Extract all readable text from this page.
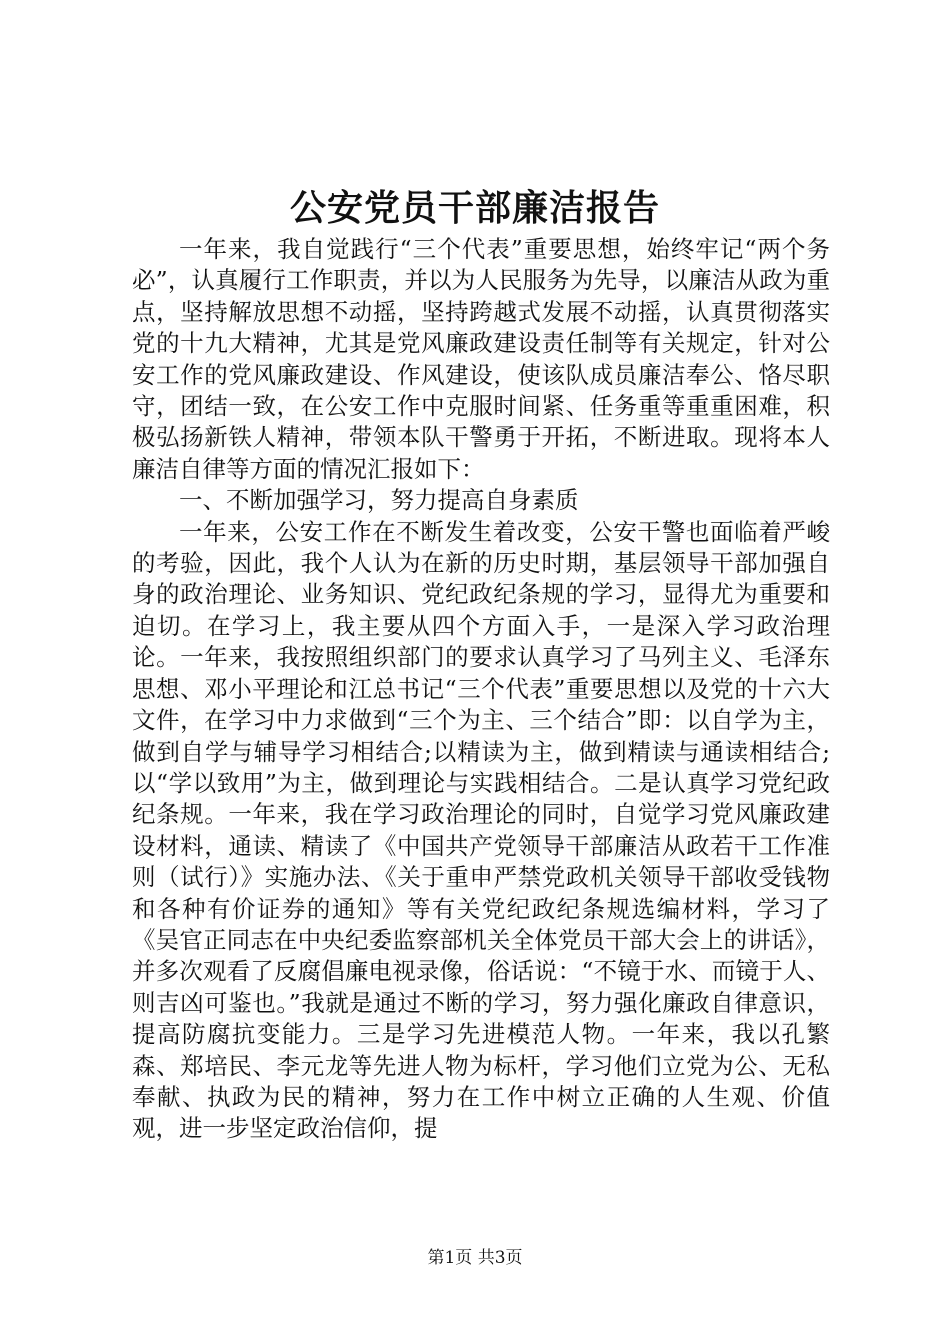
公安党员干部廉洁报告

一年来，我自觉践行“三个代表”重要思想，始终牢记“两个务必”，认真履行工作职责，并以为人民服务为先导，以廉洁从政为重点，坚持解放思想不动摇，坚持跨越式发展不动摇，认真贯彻落实党的十九大精神，尤其是党风廉政建设责任制等有关规定，针对公安工作的党风廉政建设、作风建设，使该队成员廉洁奉公、恪尽职守，团结一致，在公安工作中克服时间紧、任务重等重重困难，积极弘扬新铁人精神，带领本队干警勇于开拓，不断进取。现将本人廉洁自律等方面的情况汇报如下：

一、不断加强学习，努力提高自身素质

一年来，公安工作在不断发生着改变，公安干警也面临着严峻的考验，因此，我个人认为在新的历史时期，基层领导干部加强自身的政治理论、业务知识、党纪政纪条规的学习，显得尤为重要和迫切。在学习上，我主要从四个方面入手，一是深入学习政治理论。一年来，我按照组织部门的要求认真学习了马列主义、毛泽东思想、邓小平理论和江总书记“三个代表”重要思想以及党的十六大文件，在学习中力求做到“三个为主、三个结合”即：以自学为主，做到自学与辅导学习相结合;以精读为主，做到精读与通读相结合;以“学以致用”为主，做到理论与实践相结合。二是认真学习党纪政纪条规。一年来，我在学习政治理论的同时，自觉学习党风廉政建设材料，通读、精读了《中国共产党领导干部廉洁从政若干工作准则（试行）》实施办法、《关于重申严禁党政机关领导干部收受钱物和各种有价证券的通知》等有关党纪政纪条规选编材料，学习了《吴官正同志在中央纪委监察部机关全体党员干部大会上的讲话》，并多次观看了反腐倡廉电视录像，俗话说：“不镜于水、而镜于人、则吉凶可鉴也。”我就是通过不断的学习，努力强化廉政自律意识，提高防腐抗变能力。三是学习先进模范人物。一年来，我以孔繁森、郑培民、李元龙等先进人物为标杆，学习他们立党为公、无私奉献、执政为民的精神，努力在工作中树立正确的人生观、价值观，进一步坚定政治信仰，提

第1页 共3页
